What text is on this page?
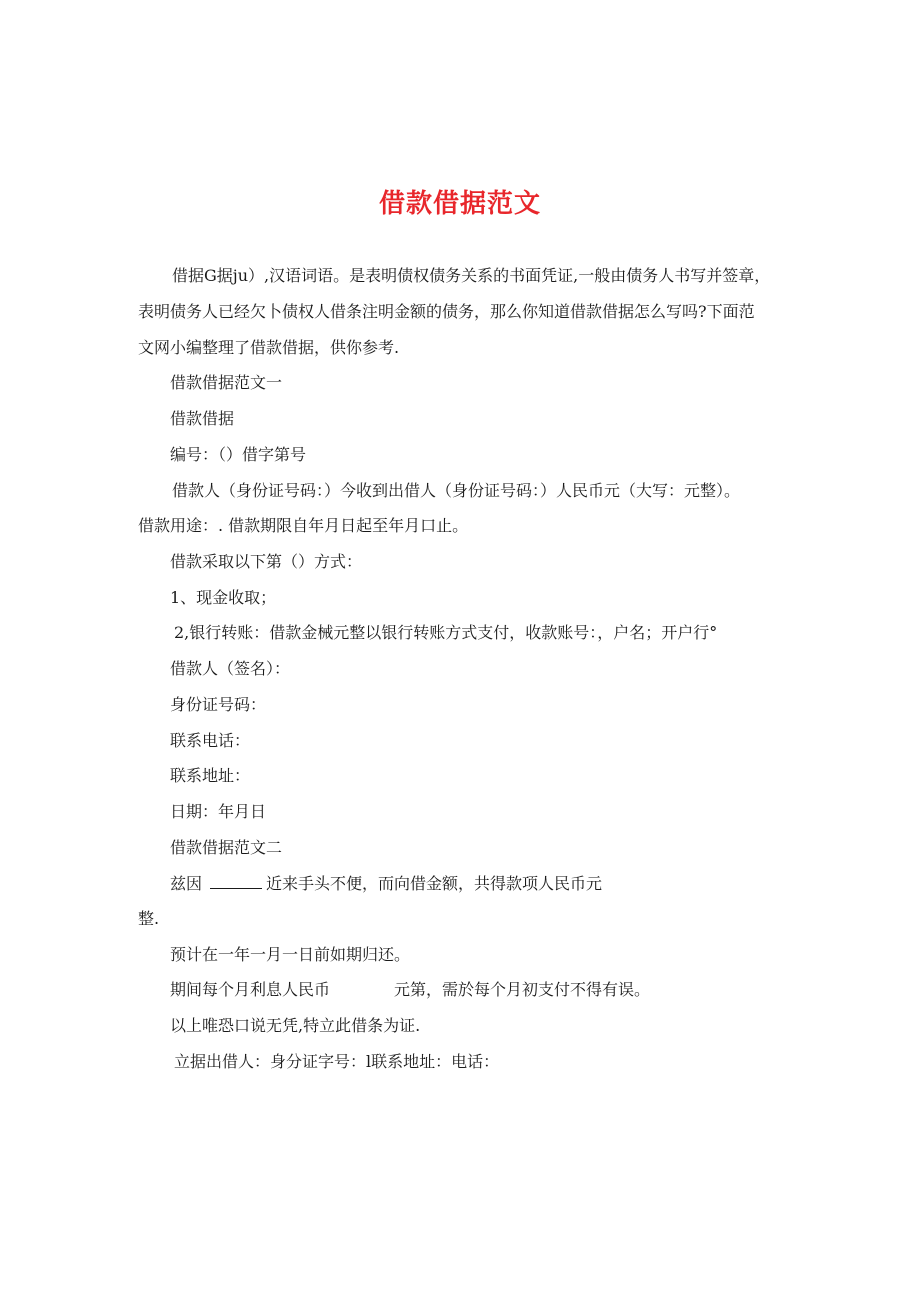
借款借据范文
借据G据ju）,汉语词语。是表明债权债务关系的书面凭证,一般由债务人书写并签章，
表明债务人已经欠卜债权人借条注明金额的债务，那么你知道借款借据怎么写吗?下面范
文网小编整理了借款借据，供你参考.
借款借据范文一
借款借据
编号：（）借字第号
借款人（身份证号码：）今收到出借人（身份证号码：）人民币元（大写：元整）。
借款用途：. 借款期限自年月日起至年月口止。
借款采取以下第（）方式：
1、现金收取；
2,银行转账：借款金械元整以银行转账方式支付，收款账号：，户名；开户行°
借款人（签名）：
身份证号码：
联系电话：
联系地址：
日期：年月日
借款借据范文二
兹因	近来手头不便，而向借金额，共得款项人民币元
整.
预计在一年一月一日前如期归还。
期间每个月利息人民币	元第，需於每个月初支付不得有误。
以上唯恐口说无凭,特立此借条为证.
立据出借人：身分证字号：l联系地址：电话：
